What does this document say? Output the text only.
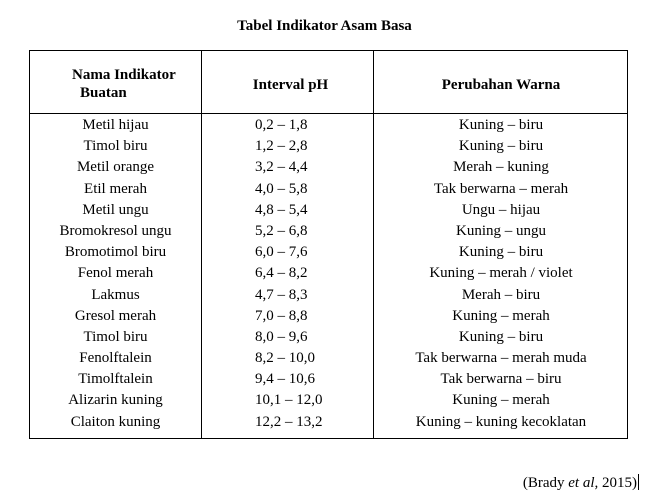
Tabel Indikator Asam Basa
Nama Indikator
Buatan	Interval pH	Perubahan Warna
Metil hijau	0,2 – 1,8	Kuning – biru
Timol biru	1,2 – 2,8	Kuning – biru
Metil orange	3,2 – 4,4	Merah – kuning
Etil merah	4,0 – 5,8	Tak berwarna – merah
Metil ungu	4,8 – 5,4	Ungu – hijau
Bromokresol ungu	5,2 – 6,8	Kuning – ungu
Bromotimol biru	6,0 – 7,6	Kuning – biru
Fenol merah	6,4 – 8,2	Kuning – merah / violet
Lakmus	4,7 – 8,3	Merah – biru
Gresol merah	7,0 – 8,8	Kuning – merah
Timol biru	8,0 – 9,6	Kuning – biru
Fenolftalein	8,2 – 10,0	Tak berwarna – merah muda
Timolftalein	9,4 – 10,6	Tak berwarna – biru
Alizarin kuning	10,1 – 12,0	Kuning – merah
Claiton kuning	12,2 – 13,2	Kuning – kuning kecoklatan
(Brady et al, 2015)
